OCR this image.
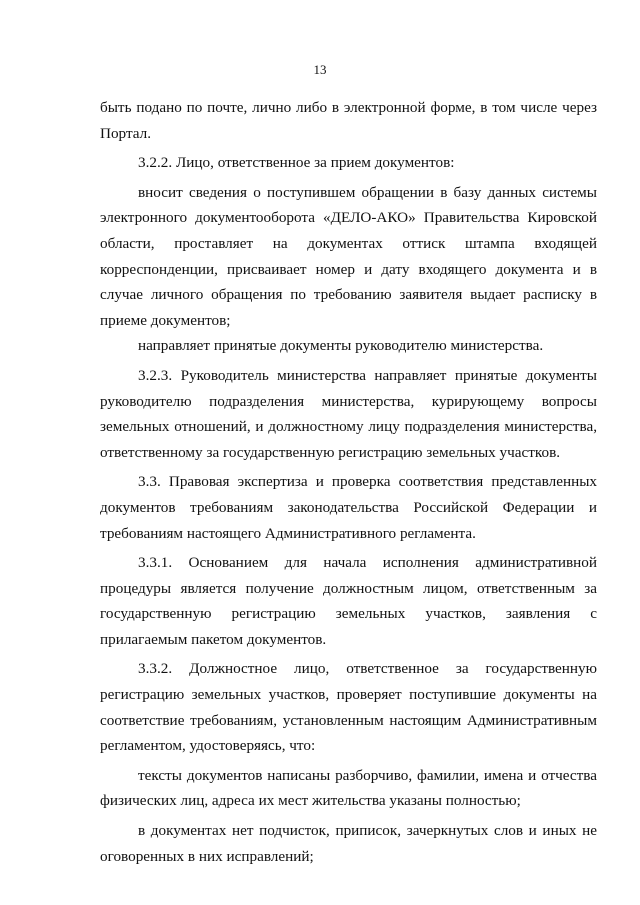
13

быть подано по почте, лично либо в электронной форме, в том числе через Портал.

3.2.2. Лицо, ответственное за прием документов:

вносит сведения о поступившем обращении в базу данных системы электронного документооборота «ДЕЛО-АКО» Правительства Кировской области, проставляет на документах оттиск штампа входящей корреспонденции, присваивает номер и дату входящего документа и в случае личного обращения по требованию заявителя выдает расписку в приеме документов;

направляет принятые документы руководителю министерства.

3.2.3. Руководитель министерства направляет принятые документы руководителю подразделения министерства, курирующему вопросы земельных отношений, и должностному лицу подразделения министерства, ответственному за государственную регистрацию земельных участков.

3.3. Правовая экспертиза и проверка соответствия представленных документов требованиям законодательства Российской Федерации и требованиям настоящего Административного регламента.

3.3.1. Основанием для начала исполнения административной процедуры является получение должностным лицом, ответственным за государственную регистрацию земельных участков, заявления с прилагаемым пакетом документов.

3.3.2. Должностное лицо, ответственное за государственную регистрацию земельных участков, проверяет поступившие документы на соответствие требованиям, установленным настоящим Административным регламентом, удостоверяясь, что:

тексты документов написаны разборчиво, фамилии, имена и отчества физических лиц, адреса их мест жительства указаны полностью;

в документах нет подчисток, приписок, зачеркнутых слов и иных не оговоренных в них исправлений;
